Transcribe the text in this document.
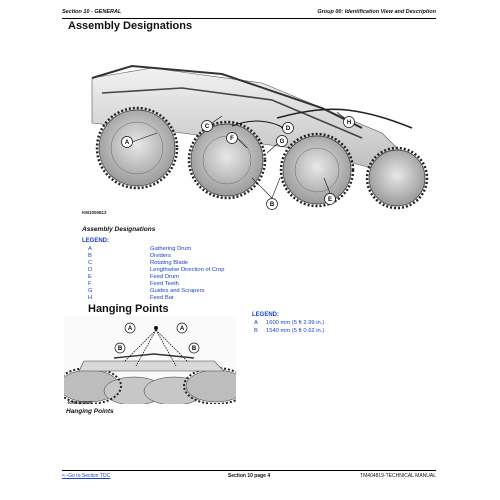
Section 10 - GENERAL	Group 00: Identification View and Description
Assembly Designations
A
B
C	D
E
F	G
H
KM1000813
Assembly Designations
LEGEND:
A	Gathering Drum
B	Dividers
C	Rotating Blade
D	Lengthwise Direction of Crop
E	Feed Drum
F	Feed Teeth
G	Guides and Scrapers
H	Feed Bar
Hanging Points
A	A
B	B
KM1000805
Hanging Points
LEGEND:
A 1600 mm (5 ft 2.99 in.)
B 1540 mm (5 ft 0.62 in.)
<--Go to Section TOC	Section 10 page 4	TM404819-TECHNICAL MANUAL
